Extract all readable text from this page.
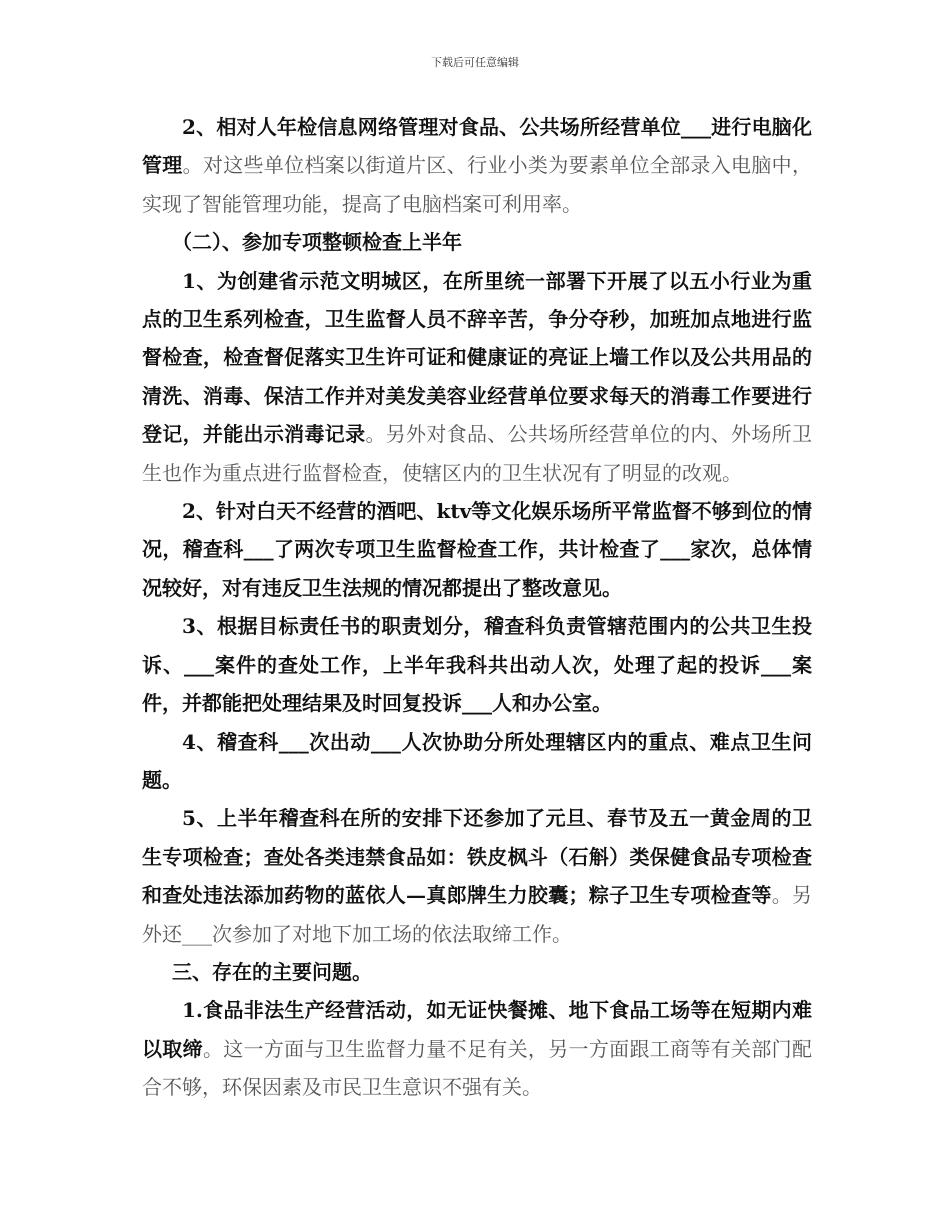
下载后可任意编辑

2、相对人年检信息网络管理对食品、公共场所经营单位___进行电脑化管理。对这些单位档案以街道片区、行业小类为要素单位全部录入电脑中，实现了智能管理功能，提高了电脑档案可利用率。

（二）、参加专项整顿检查上半年

1、为创建省示范文明城区，在所里统一部署下开展了以五小行业为重点的卫生系列检查，卫生监督人员不辞辛苦，争分夺秒，加班加点地进行监督检查，检查督促落实卫生许可证和健康证的亮证上墙工作以及公共用品的清洗、消毒、保洁工作并对美发美容业经营单位要求每天的消毒工作要进行登记，并能出示消毒记录。另外对食品、公共场所经营单位的内、外场所卫生也作为重点进行监督检查，使辖区内的卫生状况有了明显的改观。

2、针对白天不经营的酒吧、ktv等文化娱乐场所平常监督不够到位的情况，稽查科___了两次专项卫生监督检查工作，共计检查了___家次，总体情况较好，对有违反卫生法规的情况都提出了整改意见。

3、根据目标责任书的职责划分，稽查科负责管辖范围内的公共卫生投诉、___案件的查处工作，上半年我科共出动人次，处理了起的投诉___案件，并都能把处理结果及时回复投诉___人和办公室。

4、稽查科___次出动___人次协助分所处理辖区内的重点、难点卫生问题。

5、上半年稽查科在所的安排下还参加了元旦、春节及五一黄金周的卫生专项检查；查处各类违禁食品如：铁皮枫斗（石斛）类保健食品专项检查和查处违法添加药物的蓝依人—真郎牌生力胶囊；粽子卫生专项检查等。另外还___次参加了对地下加工场的依法取缔工作。

三、存在的主要问题。

1.食品非法生产经营活动，如无证快餐摊、地下食品工场等在短期内难以取缔。这一方面与卫生监督力量不足有关，另一方面跟工商等有关部门配合不够，环保因素及市民卫生意识不强有关。
